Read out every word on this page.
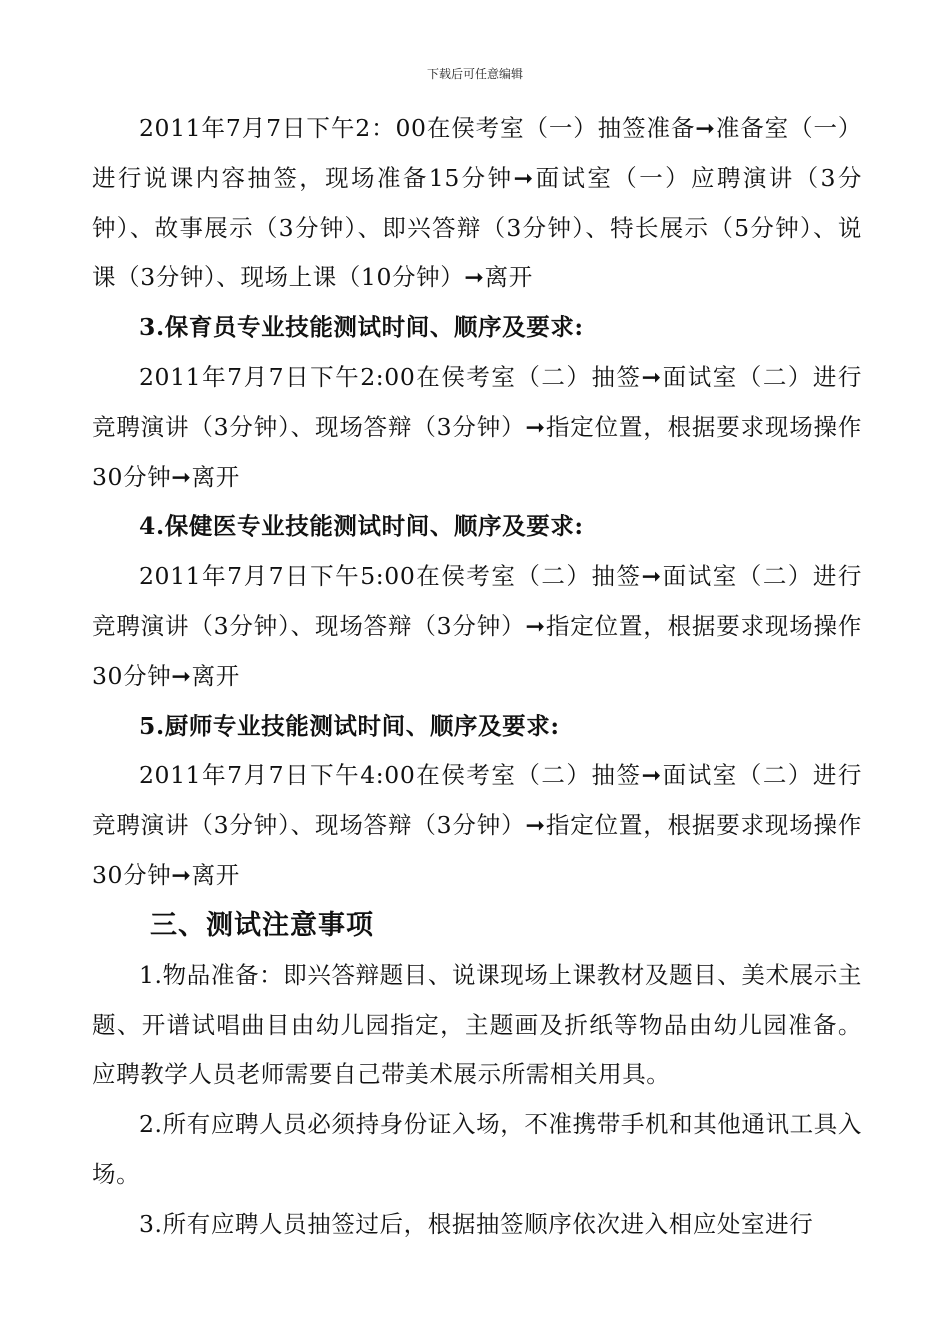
下载后可任意编辑

2011年7月7日下午2：00在侯考室（一）抽签准备➞准备室（一）进行说课内容抽签，现场准备15分钟➞面试室（一）应聘演讲（3分钟）、故事展示（3分钟）、即兴答辩（3分钟）、特长展示（5分钟）、说课（3分钟）、现场上课（10分钟）➞离开

3.保育员专业技能测试时间、顺序及要求:

2011年7月7日下午2:00在侯考室（二）抽签➞面试室（二）进行竞聘演讲（3分钟）、现场答辩（3分钟）➞指定位置，根据要求现场操作30分钟➞离开

4.保健医专业技能测试时间、顺序及要求:

2011年7月7日下午5:00在侯考室（二）抽签➞面试室（二）进行竞聘演讲（3分钟）、现场答辩（3分钟）➞指定位置，根据要求现场操作30分钟➞离开

5.厨师专业技能测试时间、顺序及要求:

2011年7月7日下午4:00在侯考室（二）抽签➞面试室（二）进行竞聘演讲（3分钟）、现场答辩（3分钟）➞指定位置，根据要求现场操作30分钟➞离开

三、测试注意事项

1.物品准备：即兴答辩题目、说课现场上课教材及题目、美术展示主题、开谱试唱曲目由幼儿园指定，主题画及折纸等物品由幼儿园准备。应聘教学人员老师需要自己带美术展示所需相关用具。

2.所有应聘人员必须持身份证入场，不准携带手机和其他通讯工具入场。

3.所有应聘人员抽签过后，根据抽签顺序依次进入相应处室进行
